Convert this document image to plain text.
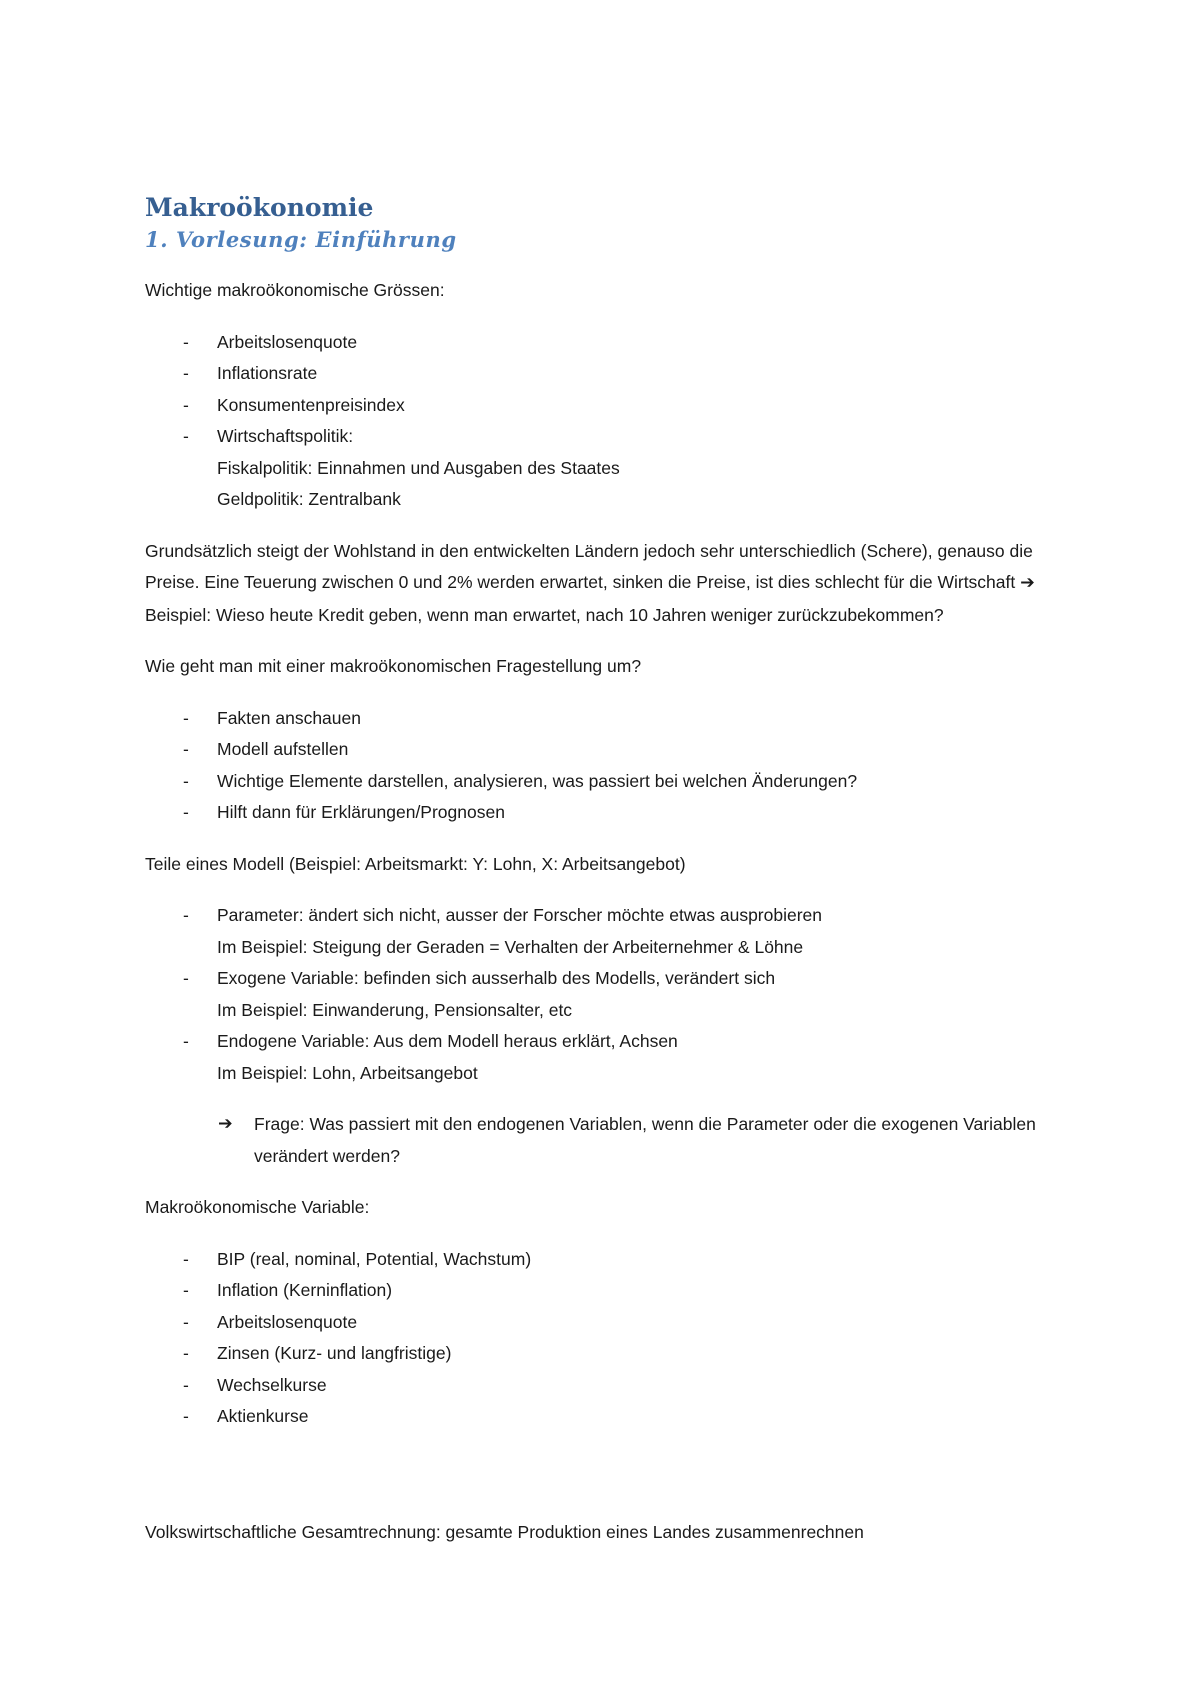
Makroökonomie
1. Vorlesung: Einführung

Wichtige makroökonomische Grössen:

- Arbeitslosenquote
- Inflationsrate
- Konsumentenpreisindex
- Wirtschaftspolitik:
Fiskalpolitik: Einnahmen und Ausgaben des Staates
Geldpolitik: Zentralbank

Grundsätzlich steigt der Wohlstand in den entwickelten Ländern jedoch sehr unterschiedlich (Schere), genauso die Preise. Eine Teuerung zwischen 0 und 2% werden erwartet, sinken die Preise, ist dies schlecht für die Wirtschaft ➔ Beispiel: Wieso heute Kredit geben, wenn man erwartet, nach 10 Jahren weniger zurückzubekommen?

Wie geht man mit einer makroökonomischen Fragestellung um?

- Fakten anschauen
- Modell aufstellen
- Wichtige Elemente darstellen, analysieren, was passiert bei welchen Änderungen?
- Hilft dann für Erklärungen/Prognosen

Teile eines Modell (Beispiel: Arbeitsmarkt: Y: Lohn, X: Arbeitsangebot)

- Parameter: ändert sich nicht, ausser der Forscher möchte etwas ausprobieren
Im Beispiel: Steigung der Geraden = Verhalten der Arbeiternehmer & Löhne
- Exogene Variable: befinden sich ausserhalb des Modells, verändert sich
Im Beispiel: Einwanderung, Pensionsalter, etc
- Endogene Variable: Aus dem Modell heraus erklärt, Achsen
Im Beispiel: Lohn, Arbeitsangebot
➔ Frage: Was passiert mit den endogenen Variablen, wenn die Parameter oder die exogenen Variablen verändert werden?

Makroökonomische Variable:

- BIP (real, nominal, Potential, Wachstum)
- Inflation (Kerninflation)
- Arbeitslosenquote
- Zinsen (Kurz- und langfristige)
- Wechselkurse
- Aktienkurse

Volkswirtschaftliche Gesamtrechnung: gesamte Produktion eines Landes zusammenrechnen
